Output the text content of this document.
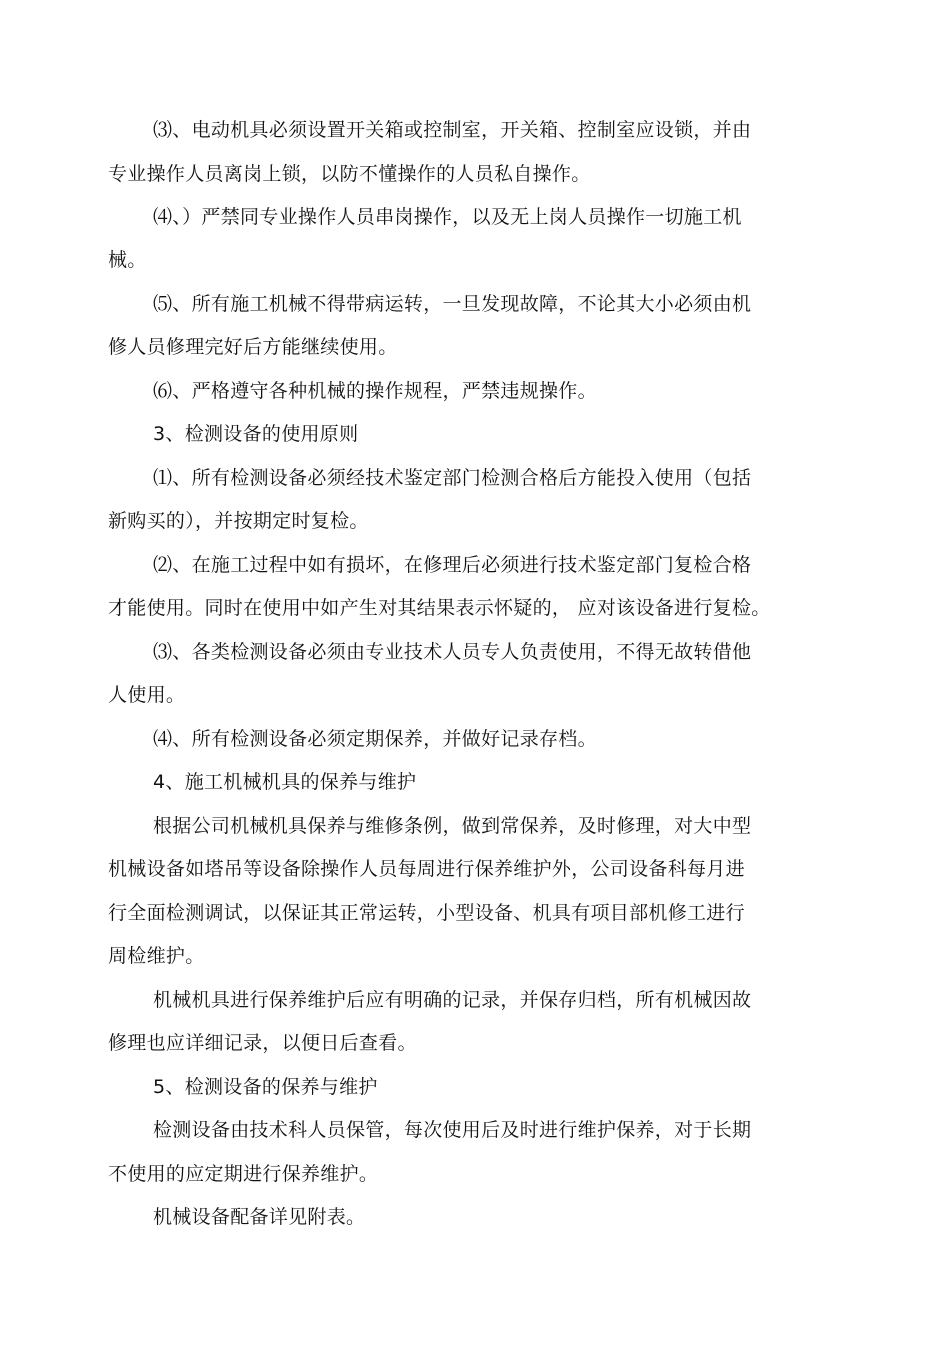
⑶、电动机具必须设置开关箱或控制室，开关箱、控制室应设锁，并由
专业操作人员离岗上锁，以防不懂操作的人员私自操作。
⑷、）严禁同专业操作人员串岗操作，以及无上岗人员操作一切施工机
械。
⑸、所有施工机械不得带病运转，一旦发现故障，不论其大小必须由机
修人员修理完好后方能继续使用。
⑹、严格遵守各种机械的操作规程，严禁违规操作。
3、检测设备的使用原则
⑴、所有检测设备必须经技术鉴定部门检测合格后方能投入使用（包括
新购买的），并按期定时复检。
⑵、在施工过程中如有损坏，在修理后必须进行技术鉴定部门复检合格
才能使用。同时在使用中如产生对其结果表示怀疑的， 应对该设备进行复检。
⑶、各类检测设备必须由专业技术人员专人负责使用，不得无故转借他
人使用。
⑷、所有检测设备必须定期保养，并做好记录存档。
4、施工机械机具的保养与维护
根据公司机械机具保养与维修条例，做到常保养，及时修理，对大中型
机械设备如塔吊等设备除操作人员每周进行保养维护外，公司设备科每月进
行全面检测调试，以保证其正常运转，小型设备、机具有项目部机修工进行
周检维护。
机械机具进行保养维护后应有明确的记录，并保存归档，所有机械因故
修理也应详细记录，以便日后查看。
5、检测设备的保养与维护
检测设备由技术科人员保管，每次使用后及时进行维护保养，对于长期
不使用的应定期进行保养维护。
机械设备配备详见附表。
